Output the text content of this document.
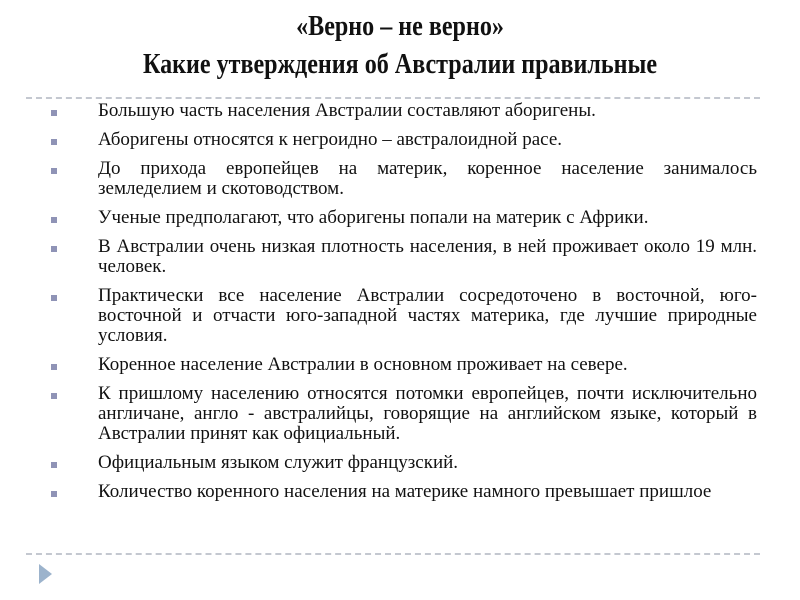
«Верно – не верно»
Какие утверждения об Австралии правильные
Большую часть населения Австралии составляют аборигены.
Аборигены относятся к негроидно – австралоидной расе.
До прихода европейцев на материк, коренное население занималось земледелием и скотоводством.
Ученые предполагают, что аборигены попали на материк с Африки.
В Австралии очень низкая плотность населения, в ней проживает около 19 млн. человек.
Практически все население Австралии сосредоточено в восточной, юго-восточной и отчасти юго-западной частях материка, где лучшие природные условия.
Коренное население Австралии в основном проживает на севере.
К пришлому населению относятся потомки европейцев, почти исключительно англичане, англо - австралийцы, говорящие на английском языке, который в Австралии принят как официальный.
Официальным языком служит французский.
Количество коренного населения на материке намного превышает пришлое
